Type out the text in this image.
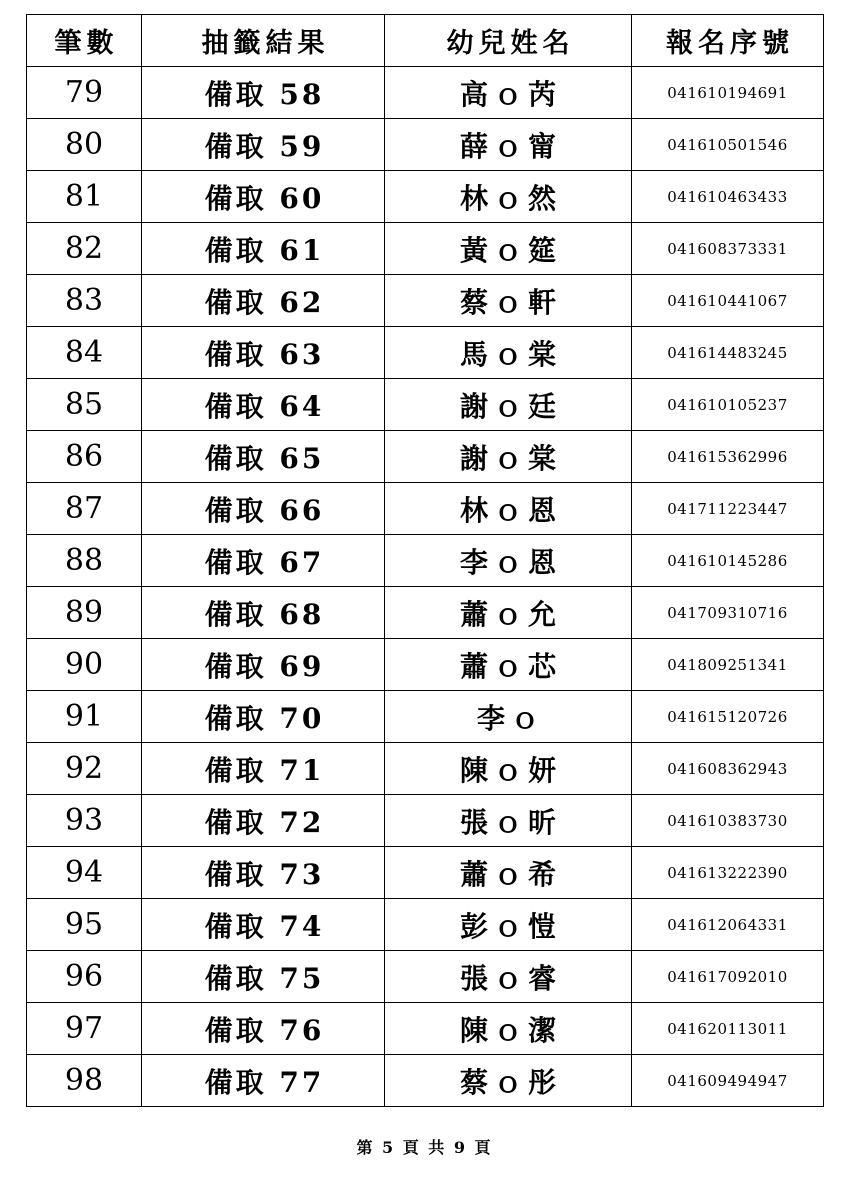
筆數	抽籤結果	幼兒姓名	報名序號
79	備取 58	高ｏ芮	041610194691
80	備取 59	薛ｏ甯	041610501546
81	備取 60	林ｏ然	041610463433
82	備取 61	黃ｏ筵	041608373331
83	備取 62	蔡ｏ軒	041610441067
84	備取 63	馬ｏ棠	041614483245
85	備取 64	謝ｏ廷	041610105237
86	備取 65	謝ｏ棠	041615362996
87	備取 66	林ｏ恩	041711223447
88	備取 67	李ｏ恩	041610145286
89	備取 68	蕭ｏ允	041709310716
90	備取 69	蕭ｏ芯	041809251341
91	備取 70	李ｏ	041615120726
92	備取 71	陳ｏ妍	041608362943
93	備取 72	張ｏ昕	041610383730
94	備取 73	蕭ｏ希	041613222390
95	備取 74	彭ｏ愷	041612064331
96	備取 75	張ｏ睿	041617092010
97	備取 76	陳ｏ潔	041620113011
98	備取 77	蔡ｏ彤	041609494947
第 5 頁 共 9 頁
